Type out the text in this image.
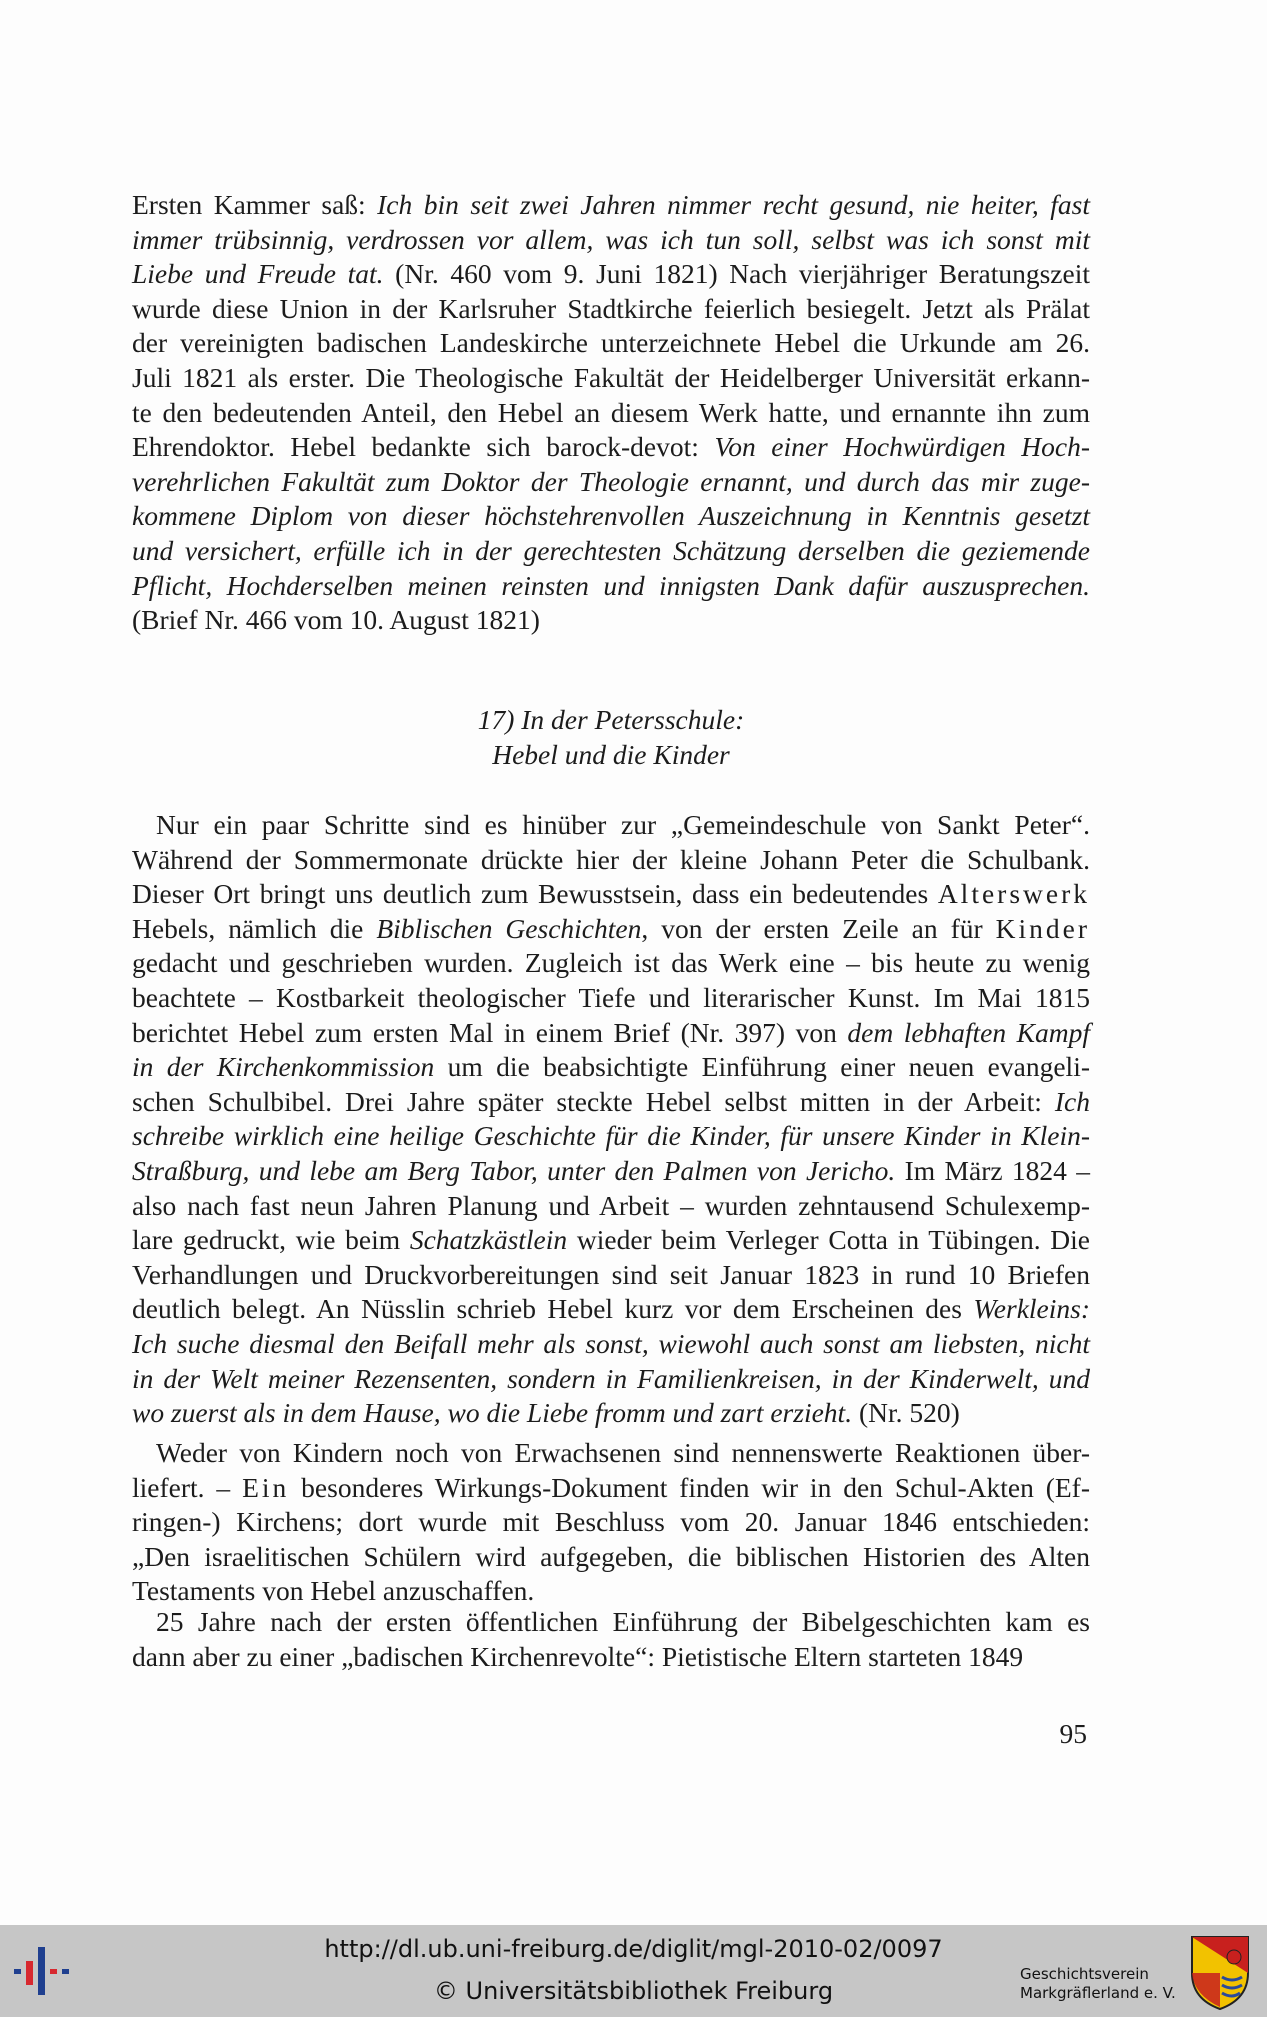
Ersten Kammer saß: Ich bin seit zwei Jahren nimmer recht gesund, nie heiter, fast
immer trübsinnig, verdrossen vor allem, was ich tun soll, selbst was ich sonst mit
Liebe und Freude tat. (Nr. 460 vom 9. Juni 1821) Nach vierjähriger Beratungszeit
wurde diese Union in der Karlsruher Stadtkirche feierlich besiegelt. Jetzt als Prälat
der vereinigten badischen Landeskirche unterzeichnete Hebel die Urkunde am 26.
Juli 1821 als erster. Die Theologische Fakultät der Heidelberger Universität erkann-
te den bedeutenden Anteil, den Hebel an diesem Werk hatte, und ernannte ihn zum
Ehrendoktor. Hebel bedankte sich barock-devot: Von einer Hochwürdigen Hoch-
verehrlichen Fakultät zum Doktor der Theologie ernannt, und durch das mir zuge-
kommene Diplom von dieser höchstehrenvollen Auszeichnung in Kenntnis gesetzt
und versichert, erfülle ich in der gerechtesten Schätzung derselben die geziemende
Pflicht, Hochderselben meinen reinsten und innigsten Dank dafür auszusprechen.
(Brief Nr. 466 vom 10. August 1821)
17) In der Petersschule:
Hebel und die Kinder
Nur ein paar Schritte sind es hinüber zur „Gemeindeschule von Sankt Peter“.
Während der Sommermonate drückte hier der kleine Johann Peter die Schulbank.
Dieser Ort bringt uns deutlich zum Bewusstsein, dass ein bedeutendes Alterswerk
Hebels, nämlich die Biblischen Geschichten, von der ersten Zeile an für Kinder
gedacht und geschrieben wurden. Zugleich ist das Werk eine – bis heute zu wenig
beachtete – Kostbarkeit theologischer Tiefe und literarischer Kunst. Im Mai 1815
berichtet Hebel zum ersten Mal in einem Brief (Nr. 397) von dem lebhaften Kampf
in der Kirchenkommission um die beabsichtigte Einführung einer neuen evangeli-
schen Schulbibel. Drei Jahre später steckte Hebel selbst mitten in der Arbeit: Ich
schreibe wirklich eine heilige Geschichte für die Kinder, für unsere Kinder in Klein-
Straßburg, und lebe am Berg Tabor, unter den Palmen von Jericho. Im März 1824 –
also nach fast neun Jahren Planung und Arbeit – wurden zehntausend Schulexemp-
lare gedruckt, wie beim Schatzkästlein wieder beim Verleger Cotta in Tübingen. Die
Verhandlungen und Druckvorbereitungen sind seit Januar 1823 in rund 10 Briefen
deutlich belegt. An Nüsslin schrieb Hebel kurz vor dem Erscheinen des Werkleins:
Ich suche diesmal den Beifall mehr als sonst, wiewohl auch sonst am liebsten, nicht
in der Welt meiner Rezensenten, sondern in Familienkreisen, in der Kinderwelt, und
wo zuerst als in dem Hause, wo die Liebe fromm und zart erzieht. (Nr. 520)
Weder von Kindern noch von Erwachsenen sind nennenswerte Reaktionen über-
liefert. – Ein besonderes Wirkungs-Dokument finden wir in den Schul-Akten (Ef-
ringen-) Kirchens; dort wurde mit Beschluss vom 20. Januar 1846 entschieden:
„Den israelitischen Schülern wird aufgegeben, die biblischen Historien des Alten
Testaments von Hebel anzuschaffen.
25 Jahre nach der ersten öffentlichen Einführung der Bibelgeschichten kam es
dann aber zu einer „badischen Kirchenrevolte“: Pietistische Eltern starteten 1849
95
http://dl.ub.uni-freiburg.de/diglit/mgl-2010-02/0097
© Universitätsbibliothek Freiburg
Geschichtsverein
Markgräflerland e. V.
